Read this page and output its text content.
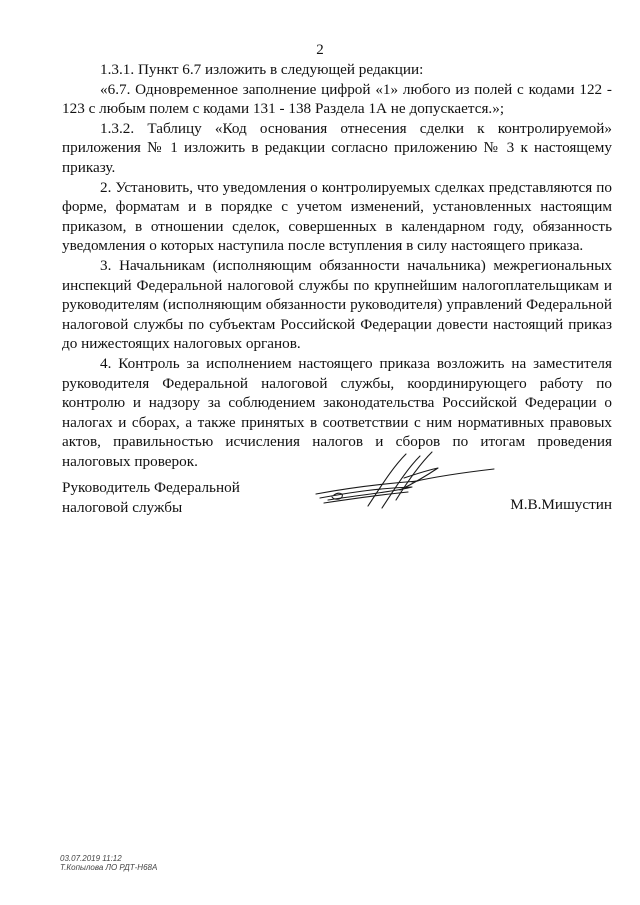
2

1.3.1. Пункт 6.7 изложить в следующей редакции:

«6.7. Одновременное заполнение цифрой «1» любого из полей с кодами 122 - 123 с любым полем с кодами 131 - 138 Раздела 1А не допускается.»;

1.3.2. Таблицу «Код основания отнесения сделки к контролируемой» приложения № 1 изложить в редакции согласно приложению № 3 к настоящему приказу.

2. Установить, что уведомления о контролируемых сделках представляются по форме, форматам и в порядке с учетом изменений, установленных настоящим приказом, в отношении сделок, совершенных в календарном году, обязанность уведомления о которых наступила после вступления в силу настоящего приказа.

3. Начальникам (исполняющим обязанности начальника) межрегиональных инспекций Федеральной налоговой службы по крупнейшим налогоплательщикам и руководителям (исполняющим обязанности руководителя) управлений Федеральной налоговой службы по субъектам Российской Федерации довести настоящий приказ до нижестоящих налоговых органов.

4. Контроль за исполнением настоящего приказа возложить на заместителя руководителя Федеральной налоговой службы, координирующего работу по контролю и надзору за соблюдением законодательства Российской Федерации о налогах и сборах, а также принятых в соответствии с ним нормативных правовых актов, правильностью исчисления налогов и сборов по итогам проведения налоговых проверок.

Руководитель Федеральной
налоговой службы	М.В.Мишустин
03.07.2019 11:12
Т.Копылова ЛО РДТ-Н68А
